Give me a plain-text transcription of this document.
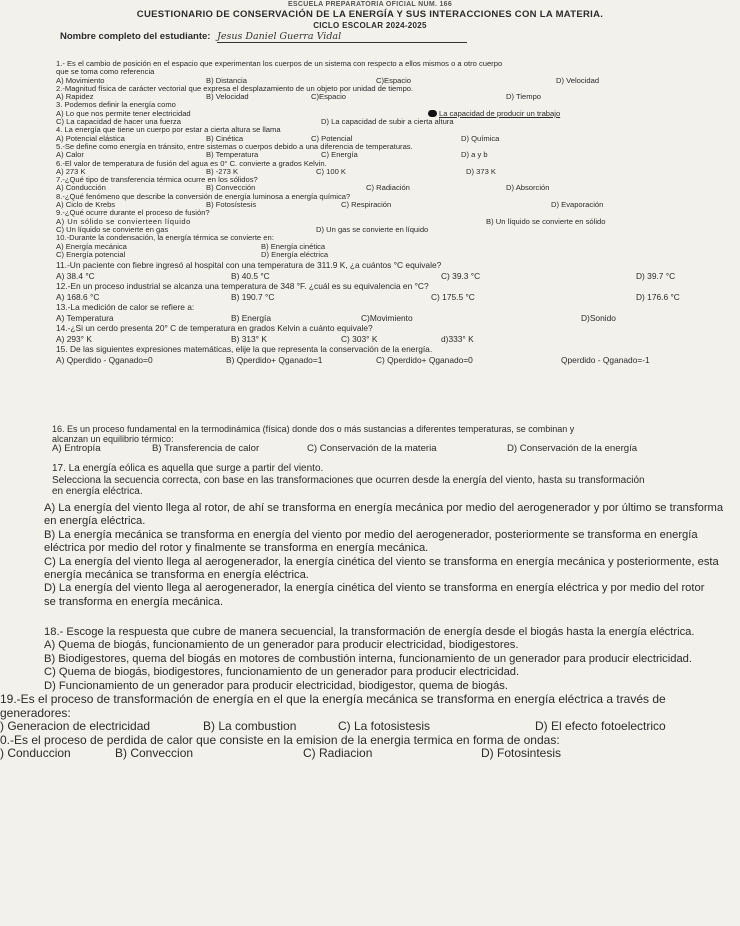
ESCUELA PREPARATORIA OFICIAL NUM. 166
CUESTIONARIO DE CONSERVACIÓN DE LA ENERGÍA Y SUS INTERACCIONES CON LA MATERIA.
CICLO ESCOLAR 2024-2025
Nombre completo del estudiante: Jesus Daniel Guerra Vidal
1.- Es el cambio de posición en el espacio que experimentan los cuerpos de un sistema con respecto a ellos mismos o a otro cuerpo
que se toma como referencia
A) Movimiento	B) Distancia	C)Espacio	D) Velocidad
2.-Magnitud física de carácter vectorial que expresa el desplazamiento de un objeto por unidad de tiempo.
A) Rapidez	B) Velocidad	C)Espacio	D) Tiempo
3. Podemos definir la energía como
A) Lo que nos permite tener electricidad	La capacidad de producir un trabajo
C) La capacidad de hacer una fuerza	D) La capacidad de subir a cierta altura
4. La energía que tiene un cuerpo por estar a cierta altura se llama
A) Potencial elástica	B) Cinética	C) Potencial	D) Química
5.-Se define como energía en tránsito, entre sistemas o cuerpos debido a una diferencia de temperaturas.
A) Calor	B) Temperatura	C) Energía	D) a y b
6.-El valor de temperatura de fusión del agua es 0° C. convierte a grados Kelvin.
A) 273 K	B) -273 K	C) 100 K	D) 373 K
7.-¿Qué tipo de transferencia térmica ocurre en los sólidos?
A) Conducción	B) Convección	C) Radiación	D) Absorción
8.-¿Qué fenómeno que describe la conversión de energía luminosa a energía química?
A) Ciclo de Krebs	B) Fotosístesis	C) Respiración	D) Evaporación
9.-¿Qué ocurre durante el proceso de fusión?
A) Un sólido se convierteen líquido	B) Un líquido se convierte en sólido
C) Un líquido se convierte en gas	D) Un gas se convierte en líquido
10.-Durante la condensación, la energía térmica se convierte en:
A) Energía mecánica	B) Energía cinética
C) Energía potencial	D) Energía eléctrica
11.-Un paciente con fiebre ingresó al hospital con una temperatura de 311.9 K, ¿a cuántos °C equivale?
A) 38.4 °C	B) 40.5 °C	C) 39.3 °C	D) 39.7 °C
12.-En un proceso industrial se alcanza una temperatura de 348 °F. ¿cuál es su equivalencia en °C?
A) 168.6 °C	B) 190.7 °C	C) 175.5 °C	D) 176.6 °C
13.-La medición de calor se refiere a:
A) Temperatura	B) Energía	C)Movimiento	D)Sonido
14.-¿Si un cerdo presenta 20° C de temperatura en grados Kelvin a cuánto equivale?
A) 293° K	B) 313° K	C) 303° K	d)333° K
15. De las siguientes expresiones matemáticas, elije la que representa la conservación de la energía.
A) Qperdido - Qganado=0	B) Qperdido+ Qganado=1	C) Qperdido+ Qganado=0	Qperdido - Qganado=-1
16. Es un proceso fundamental en la termodinámica (física) donde dos o más sustancias a diferentes temperaturas, se combinan y
alcanzan un equilibrio térmico:
A) Entropía	B) Transferencia de calor	C) Conservación de la materia	D) Conservación de la energía
17. La energía eólica es aquella que surge a partir del viento.
Selecciona la secuencia correcta, con base en las transformaciones que ocurren desde la energía del viento, hasta su transformación
en energía eléctrica.
A) La energía del viento llega al rotor, de ahí se transforma en energía mecánica por medio del aerogenerador y por último se transforma
en energía eléctrica.
B) La energía mecánica se transforma en energía del viento por medio del aerogenerador, posteriormente se transforma en energía
eléctrica por medio del rotor y finalmente se transforma en energía mecánica.
C) La energía del viento llega al aerogenerador, la energía cinética del viento se transforma en energía mecánica y posteriormente, esta
energía mecánica se transforma en energía eléctrica.
D) La energía del viento llega al aerogenerador, la energía cinética del viento se transforma en energía eléctrica y por medio del rotor
se transforma en energía mecánica.
18.- Escoge la respuesta que cubre de manera secuencial, la transformación de energía desde el biogás hasta la energía eléctrica.
A) Quema de biogás, funcionamiento de un generador para producir electricidad, biodigestores.
B) Biodigestores, quema del biogás en motores de combustión interna, funcionamiento de un generador para producir electricidad.
C) Quema de biogás, biodigestores, funcionamiento de un generador para producir electricidad.
D) Funcionamiento de un generador para producir electricidad, biodigestor, quema de biogás.
19.-Es el proceso de transformación de energía en el que la energía mecánica se transforma en energía eléctrica a través de
generadores:
) Generacion de electricidad	B) La combustion	C) La fotosistesis	D) El efecto fotoelectrico
0.-Es el proceso de perdida de calor que consiste en la emision de la energia termica en forma de ondas:
) Conduccion	B) Conveccion	C) Radiacion	D) Fotosintesis
